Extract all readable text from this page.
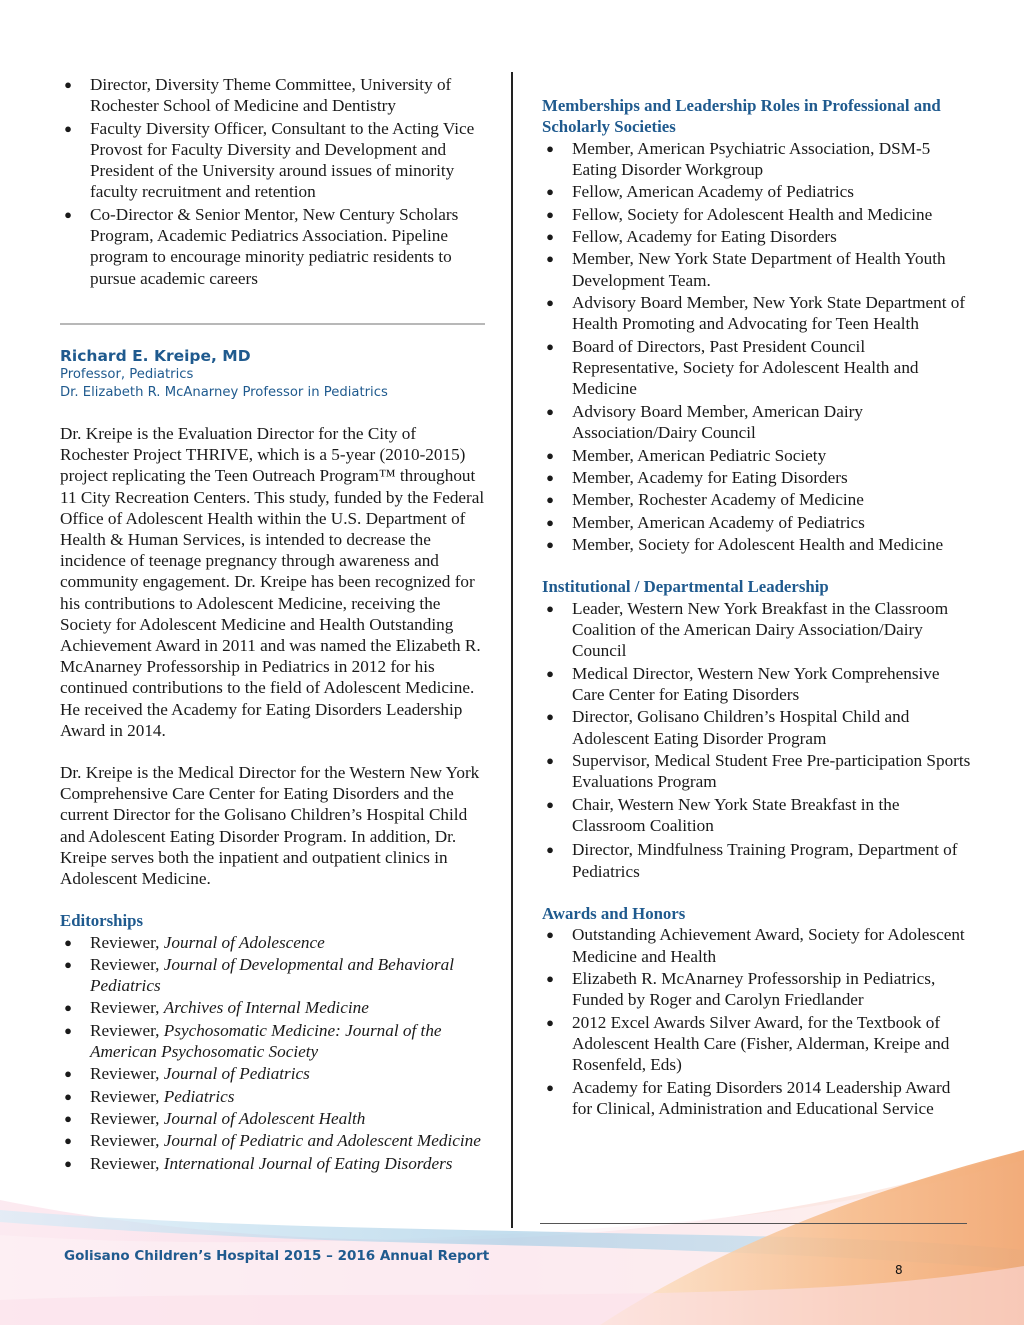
● Director, Diversity Theme Committee, University of Rochester School of Medicine and Dentistry
● Faculty Diversity Officer, Consultant to the Acting Vice Provost for Faculty Diversity and Development and President of the University around issues of minority faculty recruitment and retention
● Co-Director & Senior Mentor, New Century Scholars Program, Academic Pediatrics Association. Pipeline program to encourage minority pediatric residents to pursue academic careers
Richard E. Kreipe, MD
Professor, Pediatrics
Dr. Elizabeth R. McAnarney Professor in Pediatrics

Dr. Kreipe is the Evaluation Director for the City of Rochester Project THRIVE, which is a 5-year (2010-2015) project replicating the Teen Outreach Program™ throughout 11 City Recreation Centers. This study, funded by the Federal Office of Adolescent Health within the U.S. Department of Health & Human Services, is intended to decrease the incidence of teenage pregnancy through awareness and community engagement. Dr. Kreipe has been recognized for his contributions to Adolescent Medicine, receiving the Society for Adolescent Medicine and Health Outstanding Achievement Award in 2011 and was named the Elizabeth R. McAnarney Professorship in Pediatrics in 2012 for his continued contributions to the field of Adolescent Medicine. He received the Academy for Eating Disorders Leadership Award in 2014.

Dr. Kreipe is the Medical Director for the Western New York Comprehensive Care Center for Eating Disorders and the current Director for the Golisano Children’s Hospital Child and Adolescent Eating Disorder Program. In addition, Dr. Kreipe serves both the inpatient and outpatient clinics in Adolescent Medicine.

Editorships
● Reviewer, Journal of Adolescence
● Reviewer, Journal of Developmental and Behavioral Pediatrics
● Reviewer, Archives of Internal Medicine
● Reviewer, Psychosomatic Medicine: Journal of the American Psychosomatic Society
● Reviewer, Journal of Pediatrics
● Reviewer, Pediatrics
● Reviewer, Journal of Adolescent Health
● Reviewer, Journal of Pediatric and Adolescent Medicine
● Reviewer, International Journal of Eating Disorders
Memberships and Leadership Roles in Professional and Scholarly Societies
● Member, American Psychiatric Association, DSM-5 Eating Disorder Workgroup
● Fellow, American Academy of Pediatrics
● Fellow, Society for Adolescent Health and Medicine
● Fellow, Academy for Eating Disorders
● Member, New York State Department of Health Youth Development Team.
● Advisory Board Member, New York State Department of Health Promoting and Advocating for Teen Health
● Board of Directors, Past President Council Representative, Society for Adolescent Health and Medicine
● Advisory Board Member, American Dairy Association/Dairy Council
● Member, American Pediatric Society
● Member, Academy for Eating Disorders
● Member, Rochester Academy of Medicine
● Member, American Academy of Pediatrics
● Member, Society for Adolescent Health and Medicine
Institutional / Departmental Leadership
● Leader, Western New York Breakfast in the Classroom Coalition of the American Dairy Association/Dairy Council
● Medical Director, Western New York Comprehensive Care Center for Eating Disorders
● Director, Golisano Children’s Hospital Child and Adolescent Eating Disorder Program
● Supervisor, Medical Student Free Pre-participation Sports Evaluations Program
● Chair, Western New York State Breakfast in the Classroom Coalition
● Director, Mindfulness Training Program, Department of Pediatrics
Awards and Honors
● Outstanding Achievement Award, Society for Adolescent Medicine and Health
● Elizabeth R. McAnarney Professorship in Pediatrics, Funded by Roger and Carolyn Friedlander
● 2012 Excel Awards Silver Award, for the Textbook of Adolescent Health Care (Fisher, Alderman, Kreipe and Rosenfeld, Eds)
● Academy for Eating Disorders 2014 Leadership Award for Clinical, Administration and Educational Service
Golisano Children’s Hospital 2015 – 2016 Annual Report
8
